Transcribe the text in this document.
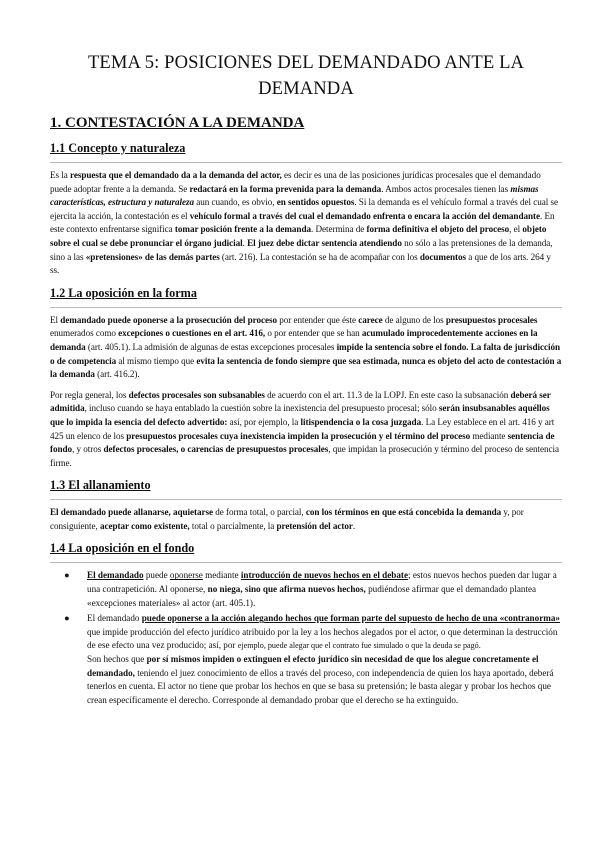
TEMA 5: POSICIONES DEL DEMANDADO ANTE LA DEMANDA
1. CONTESTACIÓN A LA DEMANDA
1.1 Concepto y naturaleza

Es la respuesta que el demandado da a la demanda del actor, es decir es una de las posiciones jurídicas procesales que el demandado puede adoptar frente a la demanda. Se redactará en la forma prevenida para la demanda. Ambos actos procesales tienen las mismas características, estructura y naturaleza aun cuando, es obvio, en sentidos opuestos. Si la demanda es el vehículo formal a través del cual se ejercita la acción, la contestación es el vehículo formal a través del cual el demandado enfrenta o encara la acción del demandante. En este contexto enfrentarse significa tomar posición frente a la demanda. Determina de forma definitiva el objeto del proceso, el objeto sobre el cual se debe pronunciar el órgano judicial. El juez debe dictar sentencia atendiendo no sólo a las pretensiones de la demanda, sino a las «pretensiones» de las demás partes (art. 216). La contestación se ha de acompañar con los documentos a que de los arts. 264 y ss.

1.2 La oposición en la forma

El demandado puede oponerse a la prosecución del proceso por entender que éste carece de alguno de los presupuestos procesales enumerados como excepciones o cuestiones en el art. 416, o por entender que se han acumulado improcedentemente acciones en la demanda (art. 405.1). La admisión de algunas de estas excepciones procesales impide la sentencia sobre el fondo. La falta de jurisdicción o de competencia al mismo tiempo que evita la sentencia de fondo siempre que sea estimada, nunca es objeto del acto de contestación a la demanda (art. 416.2).

Por regla general, los defectos procesales son subsanables de acuerdo con el art. 11.3 de la LOPJ. En este caso la subsanación deberá ser admitida, incluso cuando se haya entablado la cuestión sobre la inexistencia del presupuesto procesal; sólo serán insubsanables aquéllos que lo impida la esencia del defecto advertido: así, por ejemplo, la litispendencia o la cosa juzgada. La Ley establece en el art. 416 y art 425 un elenco de los presupuestos procesales cuya inexistencia impiden la prosecución y el término del proceso mediante sentencia de fondo, y otros defectos procesales, o carencias de presupuestos procesales, que impidan la prosecución y término del proceso de sentencia firme.

1.3 El allanamiento

El demandado puede allanarse, aquietarse de forma total, o parcial, con los términos en que está concebida la demanda y, por consiguiente, aceptar como existente, total o parcialmente, la pretensión del actor.

1.4 La oposición en el fondo
● El demandado puede oponerse mediante introducción de nuevos hechos en el debate; estos nuevos hechos pueden dar lugar a una contrapetición. Al oponerse, no niega, sino que afirma nuevos hechos, pudiéndose afirmar que el demandado plantea «excepciones materiales» al actor (art. 405.1).
● El demandado puede oponerse a la acción alegando hechos que forman parte del supuesto de hecho de una «contranorma» que impide producción del efecto jurídico atribuido por la ley a los hechos alegados por el actor, o que determinan la destrucción de ese efecto una vez producido; así, por ejemplo, puede alegar que el contrato fue simulado o que la deuda se pagó.
Son hechos que por sí mismos impiden o extinguen el efecto jurídico sin necesidad de que los alegue concretamente el demandado, teniendo el juez conocimiento de ellos a través del proceso, con independencia de quien los haya aportado, deberá tenerlos en cuenta. El actor no tiene que probar los hechos en que se basa su pretensión; le basta alegar y probar los hechos que crean específicamente el derecho. Corresponde al demandado probar que el derecho se ha extinguido.
